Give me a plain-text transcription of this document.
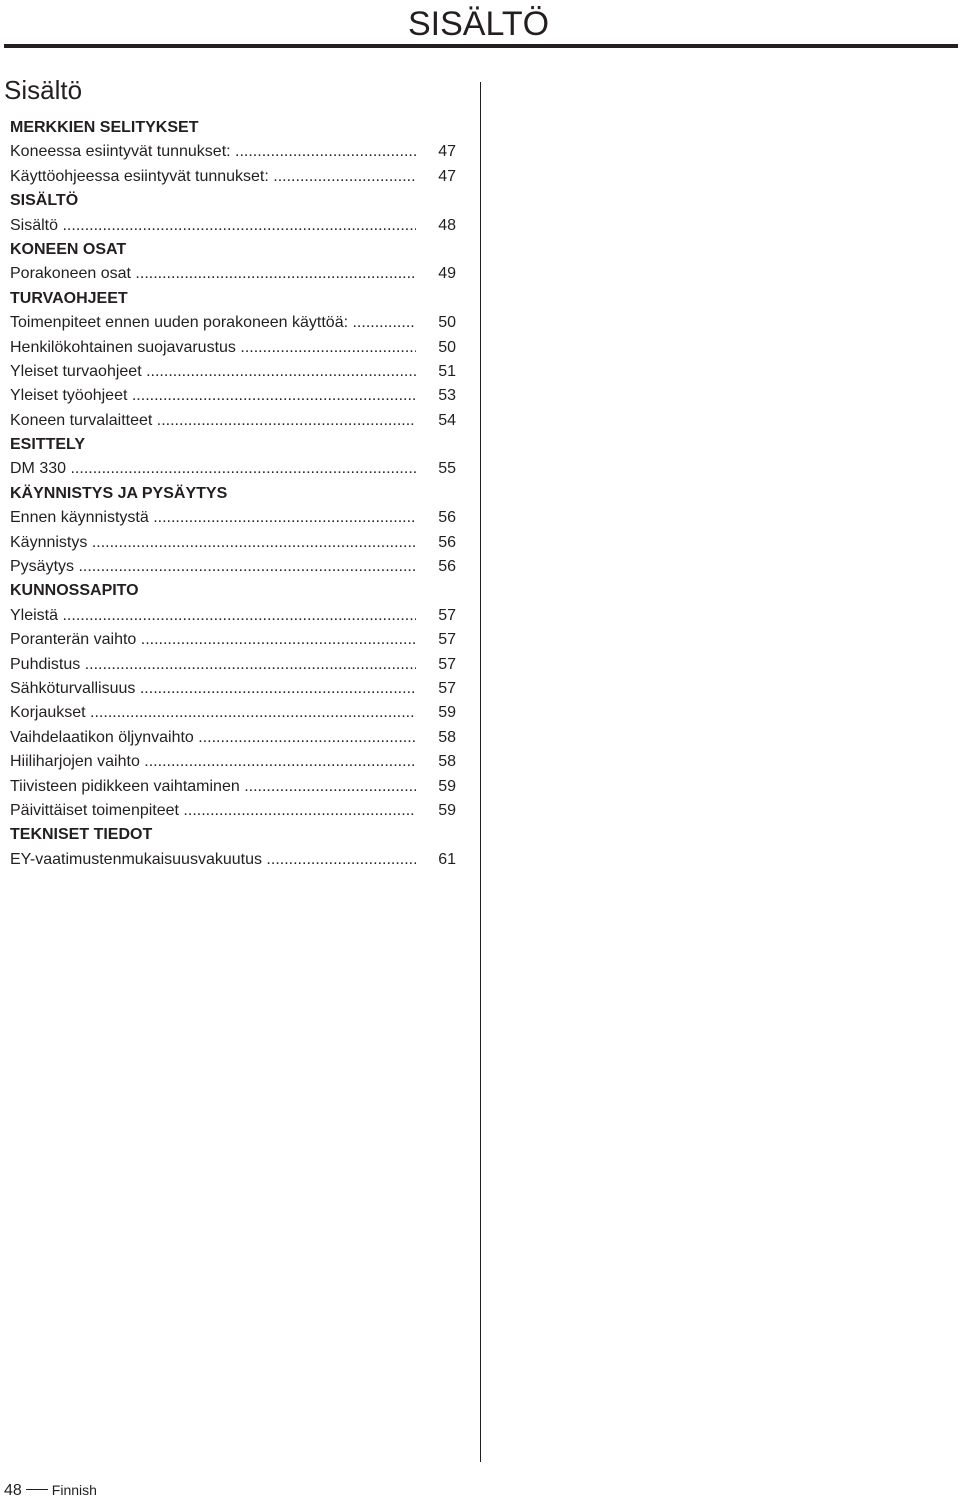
SISÄLTÖ
Sisältö
MERKKIEN SELITYKSET
Koneessa esiintyvät tunnukset: .....	47
Käyttöohjeessa esiintyvät tunnukset: .....	47
SISÄLTÖ
Sisältö .....	48
KONEEN OSAT
Porakoneen osat .....	49
TURVAOHJEET
Toimenpiteet ennen uuden porakoneen käyttöä: .....	50
Henkilökohtainen suojavarustus .....	50
Yleiset turvaohjeet .....	51
Yleiset työohjeet .....	53
Koneen turvalaitteet .....	54
ESITTELY
DM 330 .....	55
KÄYNNISTYS JA PYSÄYTYS
Ennen käynnistystä .....	56
Käynnistys .....	56
Pysäytys .....	56
KUNNOSSAPITO
Yleistä .....	57
Poranterän vaihto .....	57
Puhdistus .....	57
Sähköturvallisuus .....	57
Korjaukset .....	59
Vaihdelaatikon öljynvaihto .....	58
Hiiliharjojen vaihto .....	58
Tiivisteen pidikkeen vaihtaminen .....	59
Päivittäiset toimenpiteet .....	59
TEKNISET TIEDOT
EY-vaatimustenmukaisuusvakuutus .....	61
48 Finnish
